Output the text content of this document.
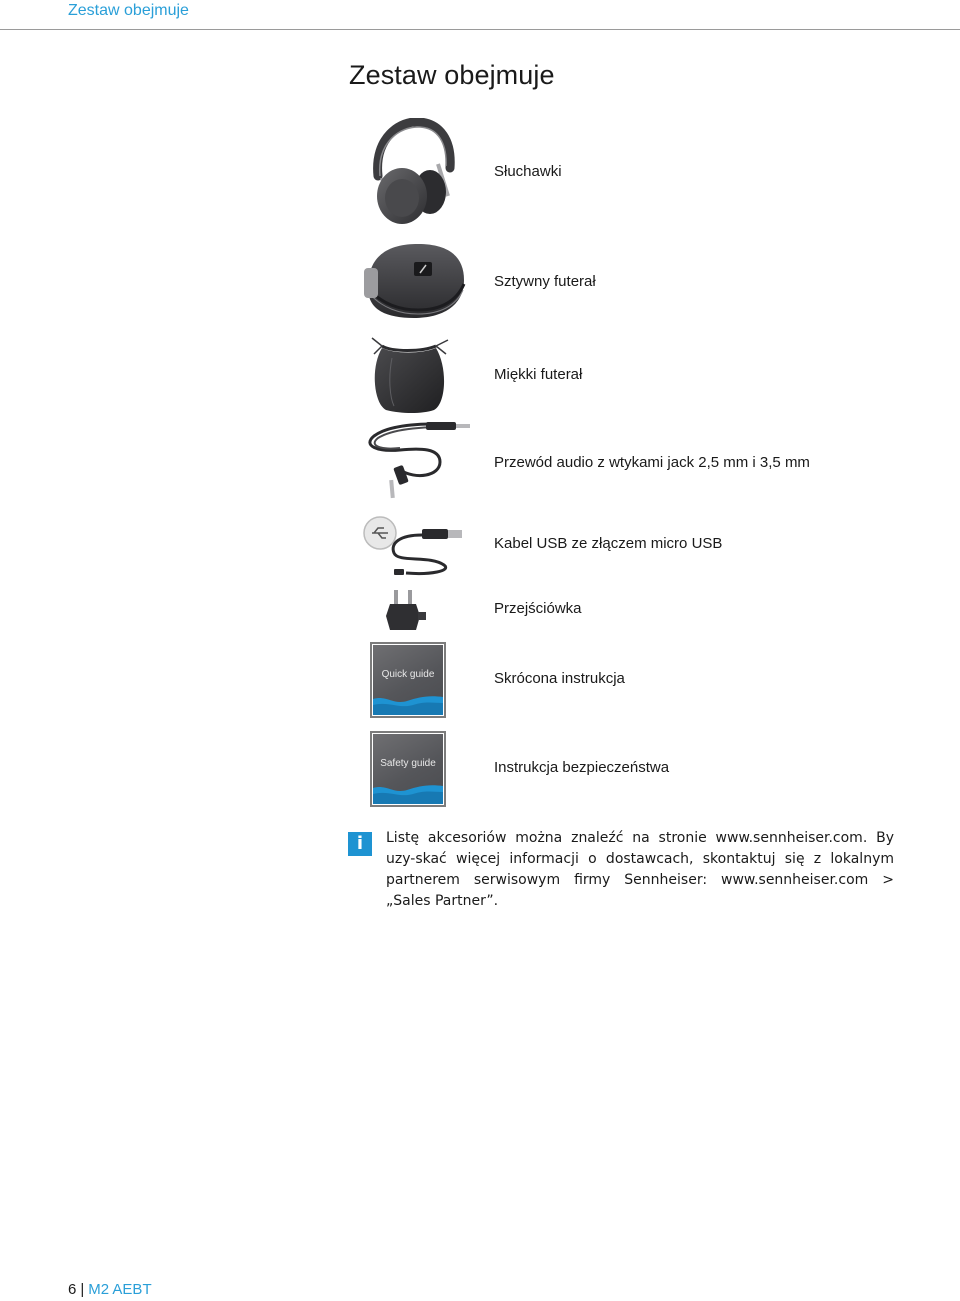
Zestaw obejmuje
Zestaw obejmuje
Słuchawki
Sztywny futerał
Miękki futerał
Przewód audio z wtykami jack 2,5 mm i 3,5 mm
Kabel USB ze złączem micro USB
Przejściówka
Quick guide	Skrócona instrukcja
Safety guide	Instrukcja bezpieczeństwa
i	Listę akcesoriów można znaleźć na stronie www.sennheiser.com. By uzy-skać więcej informacji o dostawcach, skontaktuj się z lokalnym partnerem serwisowym firmy Sennheiser: www.sennheiser.com > „Sales Partner”.
6 | M2 AEBT
